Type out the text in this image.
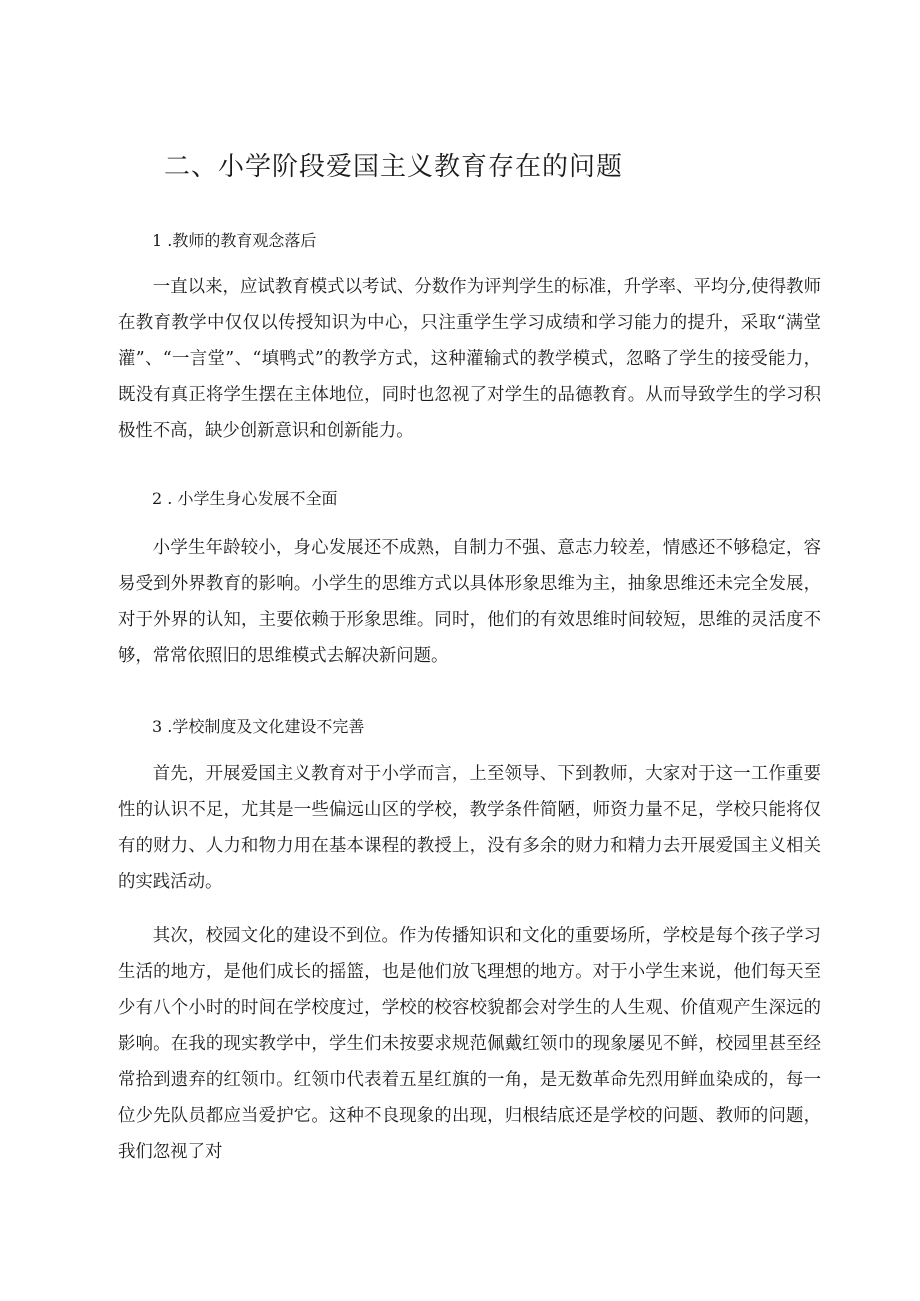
二、小学阶段爱国主义教育存在的问题
1 .教师的教育观念落后

一直以来，应试教育模式以考试、分数作为评判学生的标准，升学率、平均分,使得教师在教育教学中仅仅以传授知识为中心，只注重学生学习成绩和学习能力的提升，采取“满堂灌”、“一言堂”、“填鸭式”的教学方式，这种灌输式的教学模式，忽略了学生的接受能力，既没有真正将学生摆在主体地位，同时也忽视了对学生的品德教育。从而导致学生的学习积极性不高，缺少创新意识和创新能力。

2 . 小学生身心发展不全面

小学生年龄较小，身心发展还不成熟，自制力不强、意志力较差，情感还不够稳定，容易受到外界教育的影响。小学生的思维方式以具体形象思维为主，抽象思维还未完全发展，对于外界的认知，主要依赖于形象思维。同时，他们的有效思维时间较短，思维的灵活度不够，常常依照旧的思维模式去解决新问题。

3 .学校制度及文化建设不完善

首先，开展爱国主义教育对于小学而言，上至领导、下到教师，大家对于这一工作重要性的认识不足，尤其是一些偏远山区的学校，教学条件简陋，师资力量不足，学校只能将仅有的财力、人力和物力用在基本课程的教授上，没有多余的财力和精力去开展爱国主义相关的实践活动。

其次，校园文化的建设不到位。作为传播知识和文化的重要场所，学校是每个孩子学习生活的地方，是他们成长的摇篮，也是他们放飞理想的地方。对于小学生来说，他们每天至少有八个小时的时间在学校度过，学校的校容校貌都会对学生的人生观、价值观产生深远的影响。在我的现实教学中，学生们未按要求规范佩戴红领巾的现象屡见不鲜，校园里甚至经常拾到遗弃的红领巾。红领巾代表着五星红旗的一角，是无数革命先烈用鲜血染成的，每一位少先队员都应当爱护它。这种不良现象的出现，归根结底还是学校的问题、教师的问题，我们忽视了对
